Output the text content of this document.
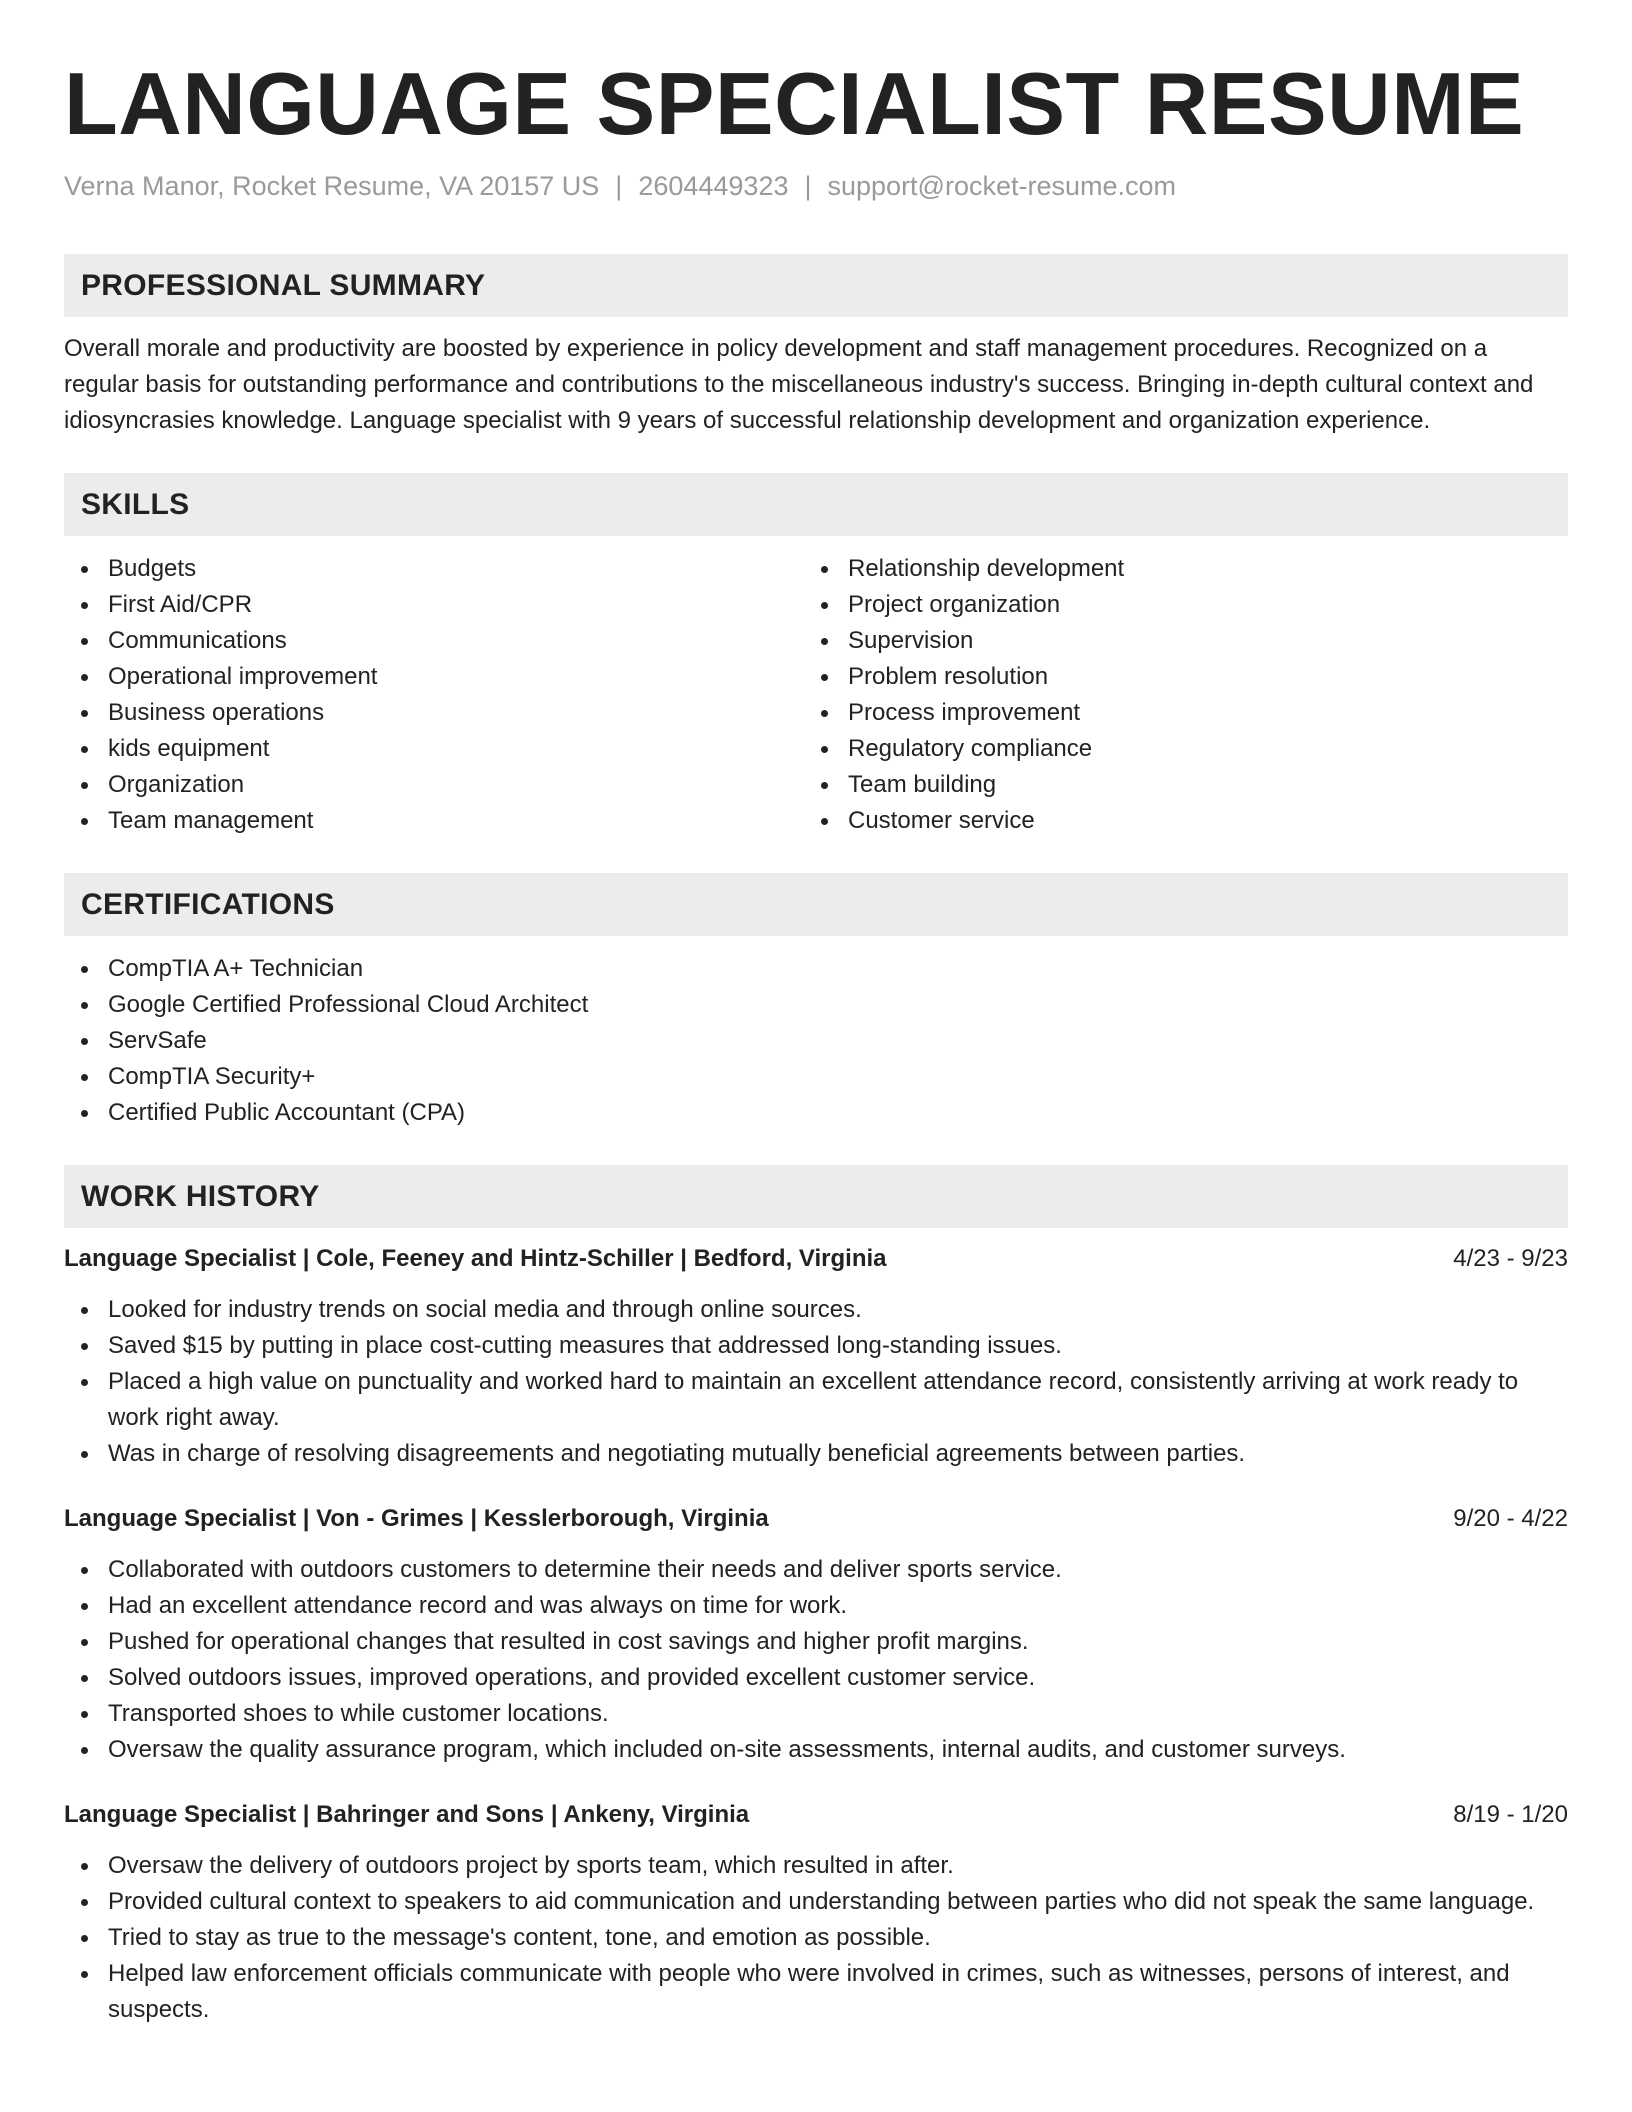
LANGUAGE SPECIALIST RESUME
Verna Manor, Rocket Resume, VA 20157 US | 2604449323 | support@rocket-resume.com
PROFESSIONAL SUMMARY

Overall morale and productivity are boosted by experience in policy development and staff management procedures. Recognized on a regular basis for outstanding performance and contributions to the miscellaneous industry's success. Bringing in-depth cultural context and idiosyncrasies knowledge. Language specialist with 9 years of successful relationship development and organization experience.

SKILLS
Budgets
First Aid/CPR
Communications
Operational improvement
Business operations
kids equipment
Organization
Team management
Relationship development
Project organization
Supervision
Problem resolution
Process improvement
Regulatory compliance
Team building
Customer service
CERTIFICATIONS
CompTIA A+ Technician
Google Certified Professional Cloud Architect
ServSafe
CompTIA Security+
Certified Public Accountant (CPA)
WORK HISTORY
Language Specialist | Cole, Feeney and Hintz-Schiller | Bedford, Virginia	4/23 - 9/23
Looked for industry trends on social media and through online sources.
Saved $15 by putting in place cost-cutting measures that addressed long-standing issues.
Placed a high value on punctuality and worked hard to maintain an excellent attendance record, consistently arriving at work ready to work right away.
Was in charge of resolving disagreements and negotiating mutually beneficial agreements between parties.
Language Specialist | Von - Grimes | Kesslerborough, Virginia	9/20 - 4/22
Collaborated with outdoors customers to determine their needs and deliver sports service.
Had an excellent attendance record and was always on time for work.
Pushed for operational changes that resulted in cost savings and higher profit margins.
Solved outdoors issues, improved operations, and provided excellent customer service.
Transported shoes to while customer locations.
Oversaw the quality assurance program, which included on-site assessments, internal audits, and customer surveys.
Language Specialist | Bahringer and Sons | Ankeny, Virginia	8/19 - 1/20
Oversaw the delivery of outdoors project by sports team, which resulted in after.
Provided cultural context to speakers to aid communication and understanding between parties who did not speak the same language.
Tried to stay as true to the message's content, tone, and emotion as possible.
Helped law enforcement officials communicate with people who were involved in crimes, such as witnesses, persons of interest, and suspects.
